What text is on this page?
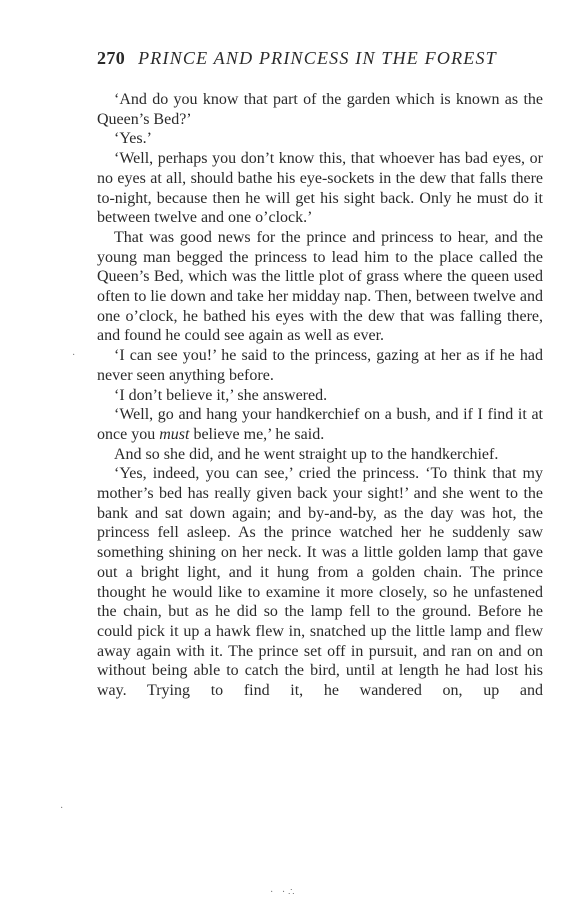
270 PRINCE AND PRINCESS IN THE FOREST

‘And do you know that part of the garden which is known as the Queen’s Bed?’

‘Yes.’

‘Well, perhaps you don’t know this, that whoever has bad eyes, or no eyes at all, should bathe his eye-sockets in the dew that falls there to-night, because then he will get his sight back. Only he must do it between twelve and one o’clock.’

That was good news for the prince and princess to hear, and the young man begged the princess to lead him to the place called the Queen’s Bed, which was the little plot of grass where the queen used often to lie down and take her midday nap. Then, between twelve and one o’clock, he bathed his eyes with the dew that was falling there, and found he could see again as well as ever.

‘I can see you!’ he said to the princess, gazing at her as if he had never seen anything before.

‘I don’t believe it,’ she answered.

‘Well, go and hang your handkerchief on a bush, and if I find it at once you must believe me,’ he said.

And so she did, and he went straight up to the handkerchief.

‘Yes, indeed, you can see,’ cried the princess. ‘To think that my mother’s bed has really given back your sight!’ and she went to the bank and sat down again; and by-and-by, as the day was hot, the princess fell asleep. As the prince watched her he suddenly saw something shining on her neck. It was a little golden lamp that gave out a bright light, and it hung from a golden chain. The prince thought he would like to examine it more closely, so he unfastened the chain, but as he did so the lamp fell to the ground. Before he could pick it up a hawk flew in, snatched up the little lamp and flew away again with it. The prince set off in pursuit, and ran on and on without being able to catch the bird, until at length he had lost his way. Trying to find it, he wandered on, up and

·
·
· ·∴
